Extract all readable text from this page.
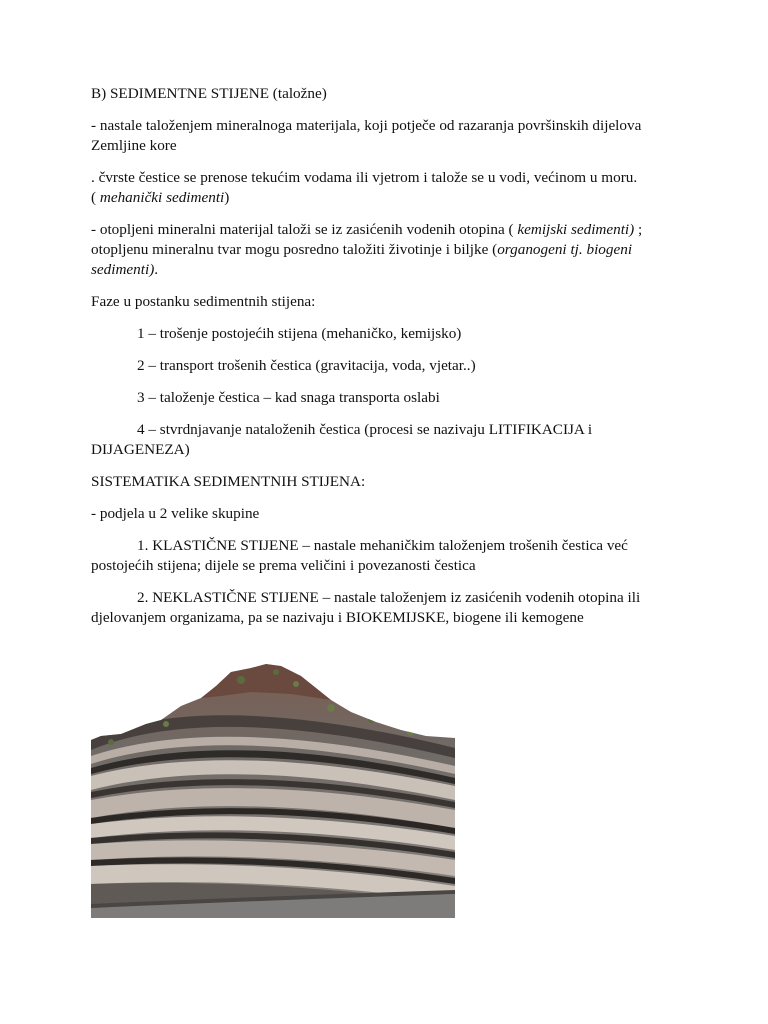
B) SEDIMENTNE STIJENE (taložne)

- nastale taloženjem mineralnoga materijala, koji potječe od razaranja površinskih dijelova Zemljine kore

. čvrste čestice se prenose tekućim vodama ili vjetrom i talože se u vodi, većinom u moru.
( mehanički sedimenti)

- otopljeni mineralni materijal taloži se iz zasićenih vodenih otopina ( kemijski sedimenti) ; otopljenu mineralnu tvar mogu posredno taložiti životinje i biljke (organogeni tj. biogeni sedimenti).

Faze u postanku sedimentnih stijena:

1 – trošenje postojećih stijena (mehaničko, kemijsko)

2 – transport trošenih čestica (gravitacija, voda, vjetar..)

3 – taloženje čestica – kad snaga transporta oslabi

4 – stvrdnjavanje nataloženih čestica (procesi se nazivaju LITIFIKACIJA i DIJAGENEZA)

SISTEMATIKA SEDIMENTNIH STIJENA:

- podjela u 2 velike skupine

1. KLASTIČNE STIJENE – nastale mehaničkim taloženjem trošenih čestica već postojećih stijena; dijele se prema veličini i povezanosti čestica

2. NEKLASTIČNE STIJENE – nastale taloženjem iz zasićenih vodenih otopina ili djelovanjem organizama, pa se nazivaju i BIOKEMIJSKE, biogene ili kemogene
